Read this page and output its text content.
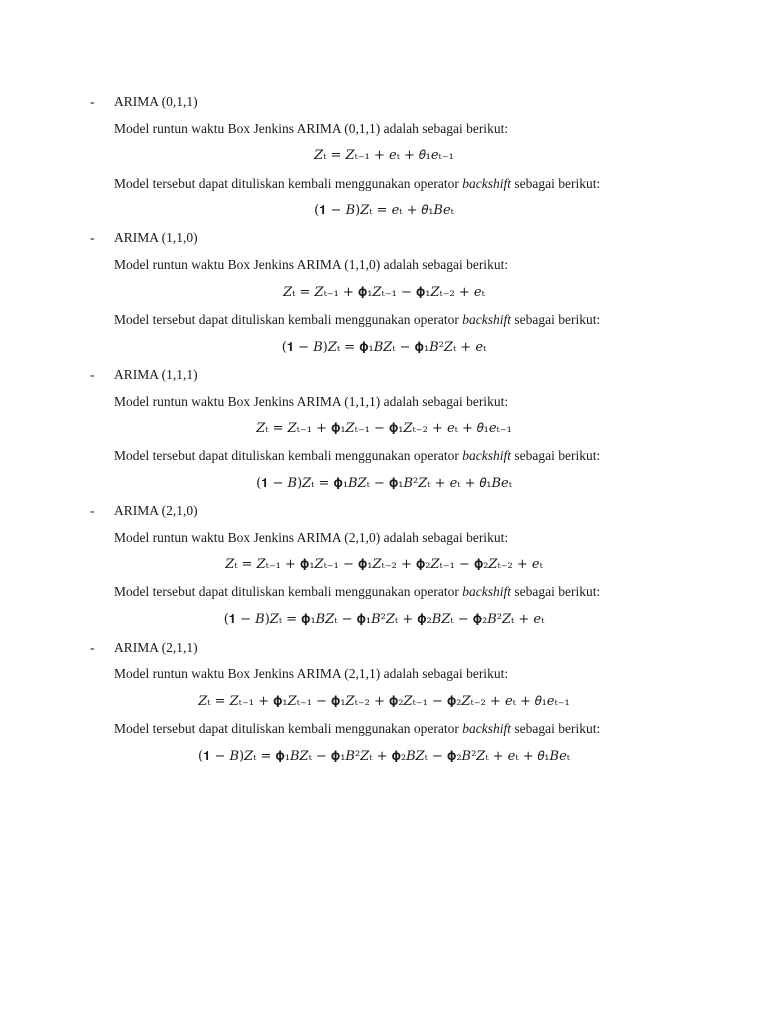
- ARIMA (0,1,1)
Model runtun waktu Box Jenkins ARIMA (0,1,1) adalah sebagai berikut:
𝑍ₜ = 𝑍ₜ₋₁ + 𝑒ₜ + 𝜃₁𝑒ₜ₋₁
Model tersebut dapat dituliskan kembali menggunakan operator backshift sebagai berikut:
(𝟏 − 𝐵)𝑍ₜ = 𝑒ₜ + 𝜃₁𝐵𝑒ₜ
- ARIMA (1,1,0)
Model runtun waktu Box Jenkins ARIMA (1,1,0) adalah sebagai berikut:
𝑍ₜ = 𝑍ₜ₋₁ + 𝛟₁𝑍ₜ₋₁ − 𝛟₁𝑍ₜ₋₂ + 𝑒ₜ
Model tersebut dapat dituliskan kembali menggunakan operator backshift sebagai berikut:
(𝟏 − 𝐵)𝑍ₜ = 𝛟₁𝐵𝑍ₜ − 𝛟₁𝐵²𝑍ₜ + 𝑒ₜ
- ARIMA (1,1,1)
Model runtun waktu Box Jenkins ARIMA (1,1,1) adalah sebagai berikut:
𝑍ₜ = 𝑍ₜ₋₁ + 𝛟₁𝑍ₜ₋₁ − 𝛟₁𝑍ₜ₋₂ + 𝑒ₜ + 𝜃₁𝑒ₜ₋₁
Model tersebut dapat dituliskan kembali menggunakan operator backshift sebagai berikut:
(𝟏 − 𝐵)𝑍ₜ = 𝛟₁𝐵𝑍ₜ − 𝛟₁𝐵²𝑍ₜ + 𝑒ₜ + 𝜃₁𝐵𝑒ₜ
- ARIMA (2,1,0)
Model runtun waktu Box Jenkins ARIMA (2,1,0) adalah sebagai berikut:
𝑍ₜ = 𝑍ₜ₋₁ + 𝛟₁𝑍ₜ₋₁ − 𝛟₁𝑍ₜ₋₂ + 𝛟₂𝑍ₜ₋₁ − 𝛟₂𝑍ₜ₋₂ + 𝑒ₜ
Model tersebut dapat dituliskan kembali menggunakan operator backshift sebagai berikut:
(𝟏 − 𝐵)𝑍ₜ = 𝛟₁𝐵𝑍ₜ − 𝛟₁𝐵²𝑍ₜ + 𝛟₂𝐵𝑍ₜ − 𝛟₂𝐵²𝑍ₜ + 𝑒ₜ
- ARIMA (2,1,1)
Model runtun waktu Box Jenkins ARIMA (2,1,1) adalah sebagai berikut:
𝑍ₜ = 𝑍ₜ₋₁ + 𝛟₁𝑍ₜ₋₁ − 𝛟₁𝑍ₜ₋₂ + 𝛟₂𝑍ₜ₋₁ − 𝛟₂𝑍ₜ₋₂ + 𝑒ₜ + 𝜃₁𝑒ₜ₋₁
Model tersebut dapat dituliskan kembali menggunakan operator backshift sebagai berikut:
(𝟏 − 𝐵)𝑍ₜ = 𝛟₁𝐵𝑍ₜ − 𝛟₁𝐵²𝑍ₜ + 𝛟₂𝐵𝑍ₜ − 𝛟₂𝐵²𝑍ₜ + 𝑒ₜ + 𝜃₁𝐵𝑒ₜ
